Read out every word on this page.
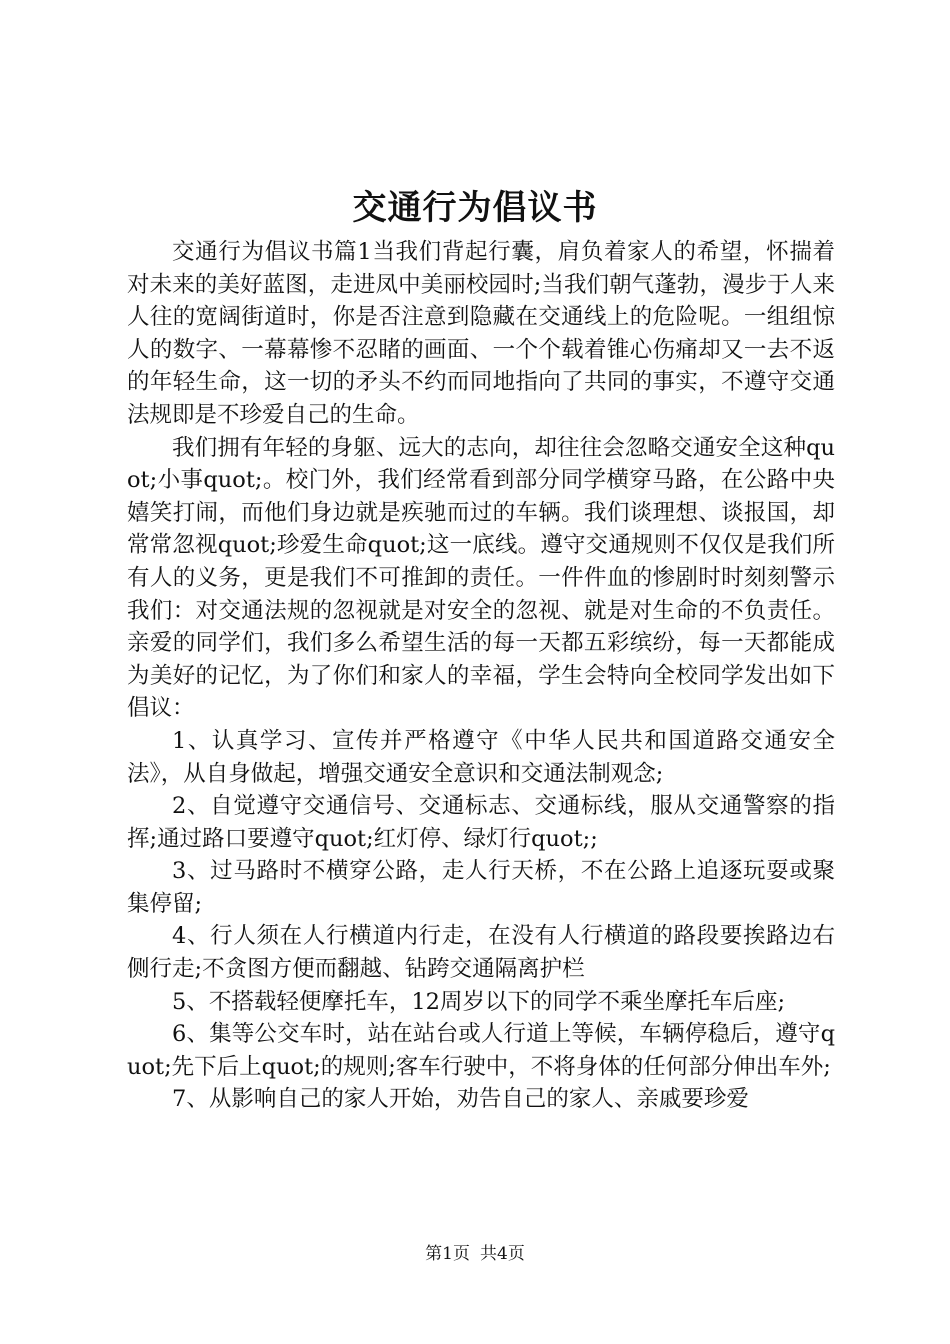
交通行为倡议书

交通行为倡议书篇1当我们背起行囊，肩负着家人的希望，怀揣着对未来的美好蓝图，走进凤中美丽校园时;当我们朝气蓬勃，漫步于人来人往的宽阔街道时，你是否注意到隐藏在交通线上的危险呢。一组组惊人的数字、一幕幕惨不忍睹的画面、一个个载着锥心伤痛却又一去不返的年轻生命，这一切的矛头不约而同地指向了共同的事实，不遵守交通法规即是不珍爱自己的生命。

我们拥有年轻的身躯、远大的志向，却往往会忽略交通安全这种quot;小事quot;。校门外，我们经常看到部分同学横穿马路，在公路中央嬉笑打闹，而他们身边就是疾驰而过的车辆。我们谈理想、谈报国，却常常忽视quot;珍爱生命quot;这一底线。遵守交通规则不仅仅是我们所有人的义务，更是我们不可推卸的责任。一件件血的惨剧时时刻刻警示我们：对交通法规的忽视就是对安全的忽视、就是对生命的不负责任。亲爱的同学们，我们多么希望生活的每一天都五彩缤纷，每一天都能成为美好的记忆，为了你们和家人的幸福，学生会特向全校同学发出如下倡议：

1、认真学习、宣传并严格遵守《中华人民共和国道路交通安全法》，从自身做起，增强交通安全意识和交通法制观念;

2、自觉遵守交通信号、交通标志、交通标线，服从交通警察的指挥;通过路口要遵守quot;红灯停、绿灯行quot;;

3、过马路时不横穿公路，走人行天桥，不在公路上追逐玩耍或聚集停留;

4、行人须在人行横道内行走，在没有人行横道的路段要挨路边右侧行走;不贪图方便而翻越、钻跨交通隔离护栏

5、不搭载轻便摩托车，12周岁以下的同学不乘坐摩托车后座;

6、集等公交车时，站在站台或人行道上等候，车辆停稳后，遵守quot;先下后上quot;的规则;客车行驶中，不将身体的任何部分伸出车外;

7、从影响自己的家人开始，劝告自己的家人、亲戚要珍爱

第1页 共4页
